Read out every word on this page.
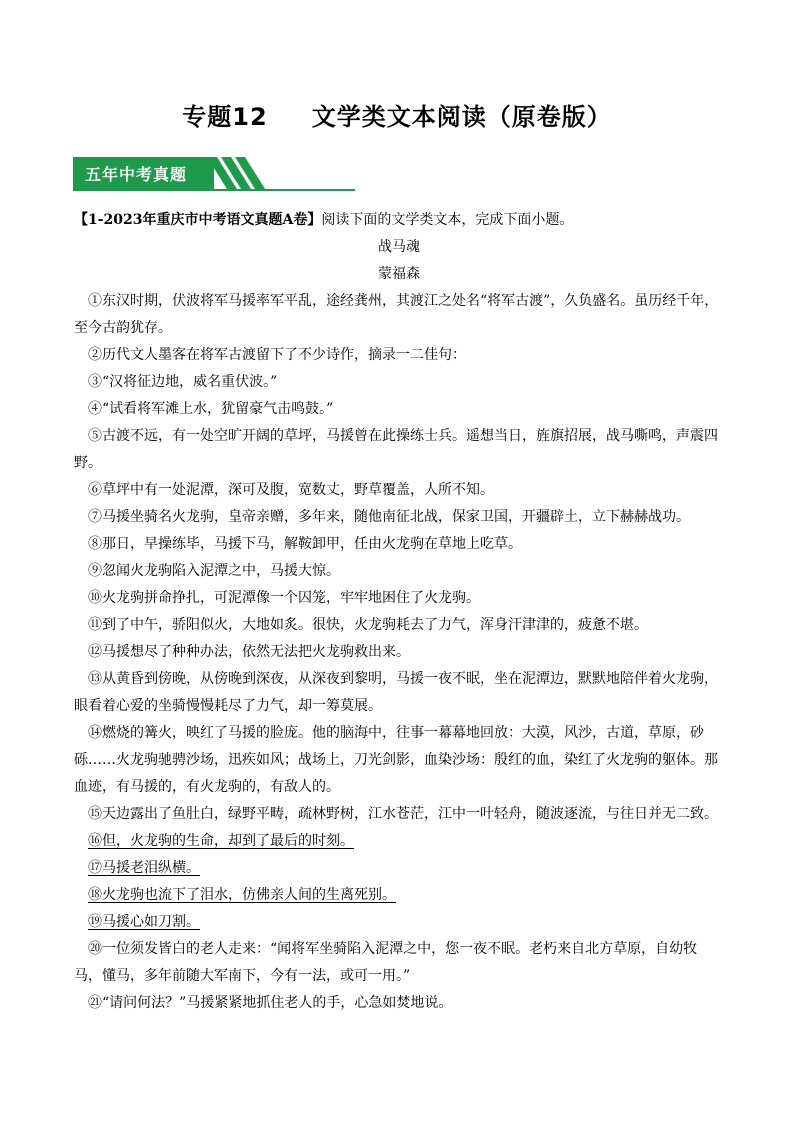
专题12 文学类文本阅读（原卷版）
五年中考真题

【1-2023年重庆市中考语文真题A卷】阅读下面的文学类文本，完成下面小题。

战马魂

蒙福森

①东汉时期，伏波将军马援率军平乱，途经龚州，其渡江之处名“将军古渡”，久负盛名。虽历经千年，至今古韵犹存。

②历代文人墨客在将军古渡留下了不少诗作，摘录一二佳句：

③“汉将征边地，威名重伏波。”

④“试看将军滩上水，犹留豪气击鸣鼓。”

⑤古渡不远，有一处空旷开阔的草坪，马援曾在此操练士兵。遥想当日，旌旗招展，战马嘶鸣，声震四野。

⑥草坪中有一处泥潭，深可及腹，宽数丈，野草覆盖，人所不知。

⑦马援坐骑名火龙驹，皇帝亲赠，多年来，随他南征北战，保家卫国，开疆辟土，立下赫赫战功。

⑧那日，早操练毕，马援下马，解鞍卸甲，任由火龙驹在草地上吃草。

⑨忽闻火龙驹陷入泥潭之中，马援大惊。

⑩火龙驹拼命挣扎，可泥潭像一个囚笼，牢牢地困住了火龙驹。

⑪到了中午，骄阳似火，大地如炙。很快，火龙驹耗去了力气，浑身汗津津的，疲惫不堪。

⑫马援想尽了种种办法，依然无法把火龙驹救出来。

⑬从黄昏到傍晚，从傍晚到深夜，从深夜到黎明，马援一夜不眠，坐在泥潭边，默默地陪伴着火龙驹，眼看着心爱的坐骑慢慢耗尽了力气，却一筹莫展。

⑭燃烧的篝火，映红了马援的脸庞。他的脑海中，往事一幕幕地回放：大漠，风沙，古道，草原，砂砾……火龙驹驰骋沙场，迅疾如风；战场上，刀光剑影，血染沙场：殷红的血，染红了火龙驹的躯体。那血迹，有马援的，有火龙驹的，有敌人的。

⑮天边露出了鱼肚白，绿野平畴，疏林野树，江水苍茫，江中一叶轻舟，随波逐流，与往日并无二致。

⑯但，火龙驹的生命，却到了最后的时刻。

⑰马援老泪纵横。

⑱火龙驹也流下了泪水，仿佛亲人间的生离死别。

⑲马援心如刀割。

⑳一位须发皆白的老人走来：“闻将军坐骑陷入泥潭之中，您一夜不眠。老朽来自北方草原，自幼牧马，懂马，多年前随大军南下，今有一法，或可一用。”

㉑“请问何法？”马援紧紧地抓住老人的手，心急如焚地说。
